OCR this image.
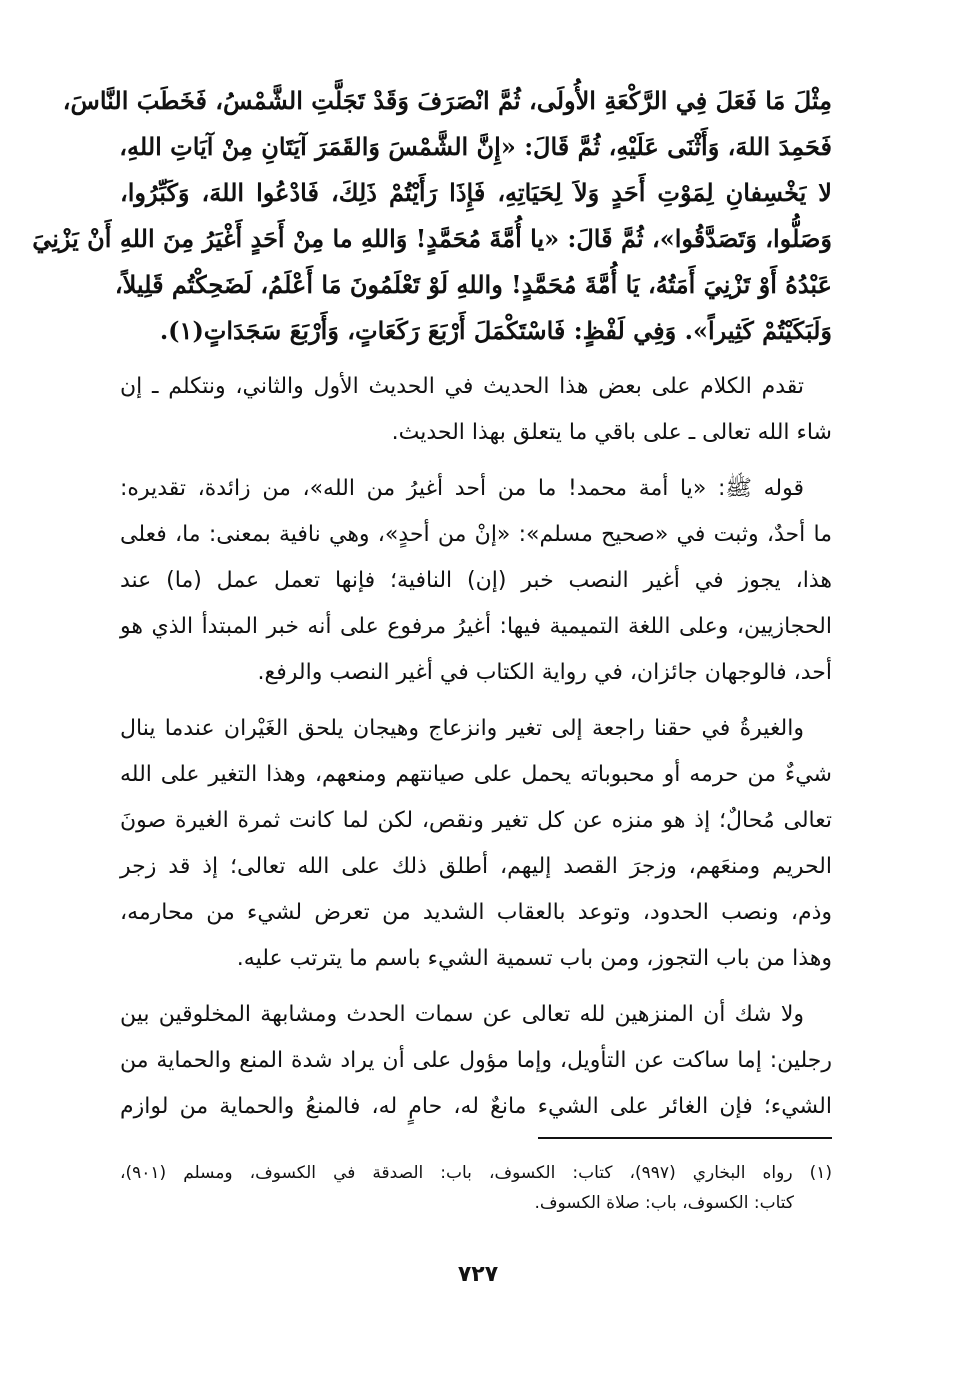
مِثْلَ مَا فَعَلَ فِي الرَّكْعَةِ الأُولَى، ثُمَّ انْصَرَفَ وَقَدْ تَجَلَّتِ الشَّمْسُ، فَخَطَبَ النَّاسَ،
فَحَمِدَ اللهَ، وَأَثْنَى عَلَيْهِ، ثُمَّ قَالَ: «إِنَّ الشَّمْسَ وَالقَمَرَ آيَتَانِ مِنْ آيَاتِ اللهِ،
لا يَخْسِفانِ لِمَوْتِ أَحَدٍ وَلاَ لِحَيَاتِهِ، فَإِذَا رَأَيْتُمْ ذَلِكَ، فَادْعُوا اللهَ، وَكَبِّرُوا،
وَصَلُّوا، وَتَصَدَّقُوا»، ثُمَّ قَالَ: «يا أُمَّةَ مُحَمَّدٍ! وَاللهِ ما مِنْ أَحَدٍ أَغْيَرُ مِنَ اللهِ أَنْ يَزْنِيَ
عَبْدُهُ أَوْ تَزْنِيَ أَمَتُهُ، يَا أُمَّةَ مُحَمَّدٍ! واللهِ لَوْ تَعْلَمُونَ مَا أَعْلَمُ، لَضَحِكْتُم قَلِيلاً،
وَلَبَكَيْتُمْ كَثِيراً». وَفِي لَفْظٍ: فَاسْتَكْمَلَ أَرْبَعَ رَكَعَاتٍ، وَأَرْبَعَ سَجَدَاتٍ(١).
تقدم الكلام على بعض هذا الحديث في الحديث الأول والثاني، ونتكلم ـ إن
شاء الله تعالى ـ على باقي ما يتعلق بهذا الحديث.
قوله ﷺ: «يا أمة محمد! ما من أحد أغيرُ من الله»، من زائدة، تقديره:
ما أحدٌ، وثبت في «صحيح مسلم»: «إنْ من أحدٍ»، وهي نافية بمعنى: ما، فعلى
هذا، يجوز في أغير النصب خبر (إن) النافية؛ فإنها تعمل عمل (ما) عند
الحجازيين، وعلى اللغة التميمية فيها: أغيرُ مرفوع على أنه خبر المبتدأ الذي هو
أحد، فالوجهان جائزان، في رواية الكتاب في أغير النصب والرفع.
والغيرةُ في حقنا راجعة إلى تغير وانزعاج وهيجان يلحق الغَيْران عندما ينال
شيءٌ من حرمه أو محبوباته يحمل على صيانتهم ومنعهم، وهذا التغير على الله
تعالى مُحالٌ؛ إذ هو منزه عن كل تغير ونقص، لكن لما كانت ثمرة الغيرة صونَ
الحريم ومنعَهم، وزجرَ القصد إليهم، أطلق ذلك على الله تعالى؛ إذ قد زجر
وذم، ونصب الحدود، وتوعد بالعقاب الشديد من تعرض لشيء من محارمه،
وهذا من باب التجوز، ومن باب تسمية الشيء باسم ما يترتب عليه.
ولا شك أن المنزهين لله تعالى عن سمات الحدث ومشابهة المخلوقين بين
رجلين: إما ساكت عن التأويل، وإما مؤول على أن يراد شدة المنع والحماية من
الشيء؛ فإن الغائر على الشيء مانعٌ له، حامٍ له، فالمنعُ والحماية من لوازم
(١) رواه البخاري (٩٩٧)، كتاب: الكسوف، باب: الصدقة في الكسوف، ومسلم (٩٠١)،
كتاب: الكسوف، باب: صلاة الكسوف.
٧٢٧
